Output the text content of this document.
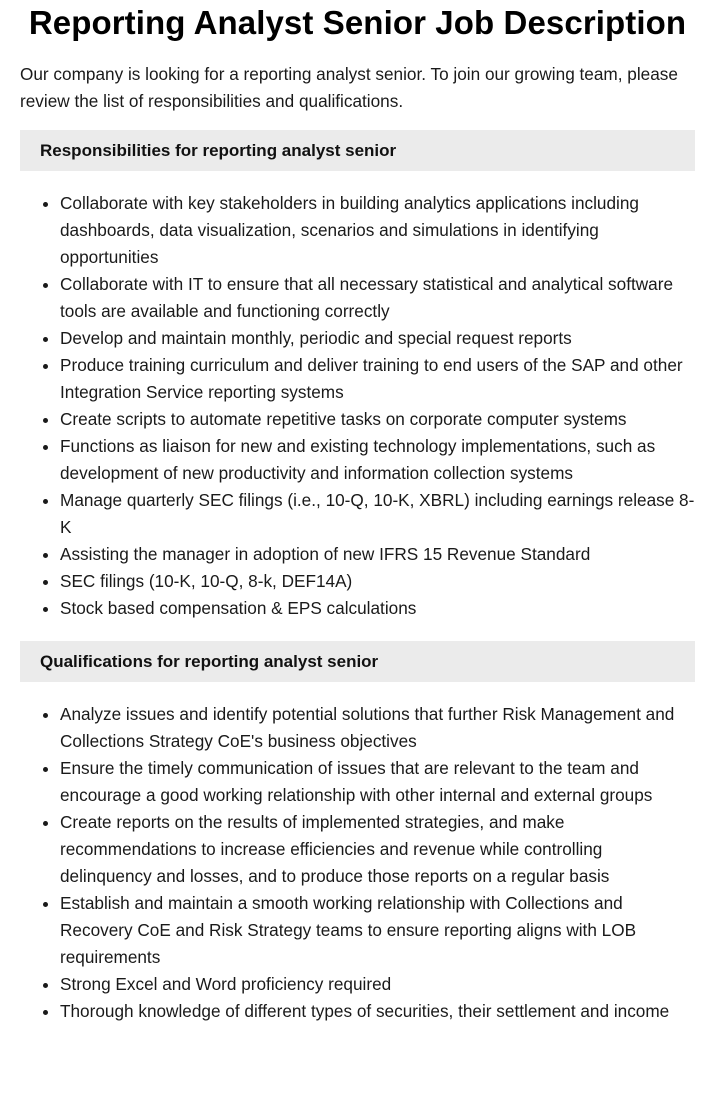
Reporting Analyst Senior Job Description

Our company is looking for a reporting analyst senior. To join our growing team, please review the list of responsibilities and qualifications.

Responsibilities for reporting analyst senior
Collaborate with key stakeholders in building analytics applications including dashboards, data visualization, scenarios and simulations in identifying opportunities
Collaborate with IT to ensure that all necessary statistical and analytical software tools are available and functioning correctly
Develop and maintain monthly, periodic and special request reports
Produce training curriculum and deliver training to end users of the SAP and other Integration Service reporting systems
Create scripts to automate repetitive tasks on corporate computer systems
Functions as liaison for new and existing technology implementations, such as development of new productivity and information collection systems
Manage quarterly SEC filings (i.e., 10-Q, 10-K, XBRL) including earnings release 8-K
Assisting the manager in adoption of new IFRS 15 Revenue Standard
SEC filings (10-K, 10-Q, 8-k, DEF14A)
Stock based compensation & EPS calculations
Qualifications for reporting analyst senior
Analyze issues and identify potential solutions that further Risk Management and Collections Strategy CoE's business objectives
Ensure the timely communication of issues that are relevant to the team and encourage a good working relationship with other internal and external groups
Create reports on the results of implemented strategies, and make recommendations to increase efficiencies and revenue while controlling delinquency and losses, and to produce those reports on a regular basis
Establish and maintain a smooth working relationship with Collections and Recovery CoE and Risk Strategy teams to ensure reporting aligns with LOB requirements
Strong Excel and Word proficiency required
Thorough knowledge of different types of securities, their settlement and income
